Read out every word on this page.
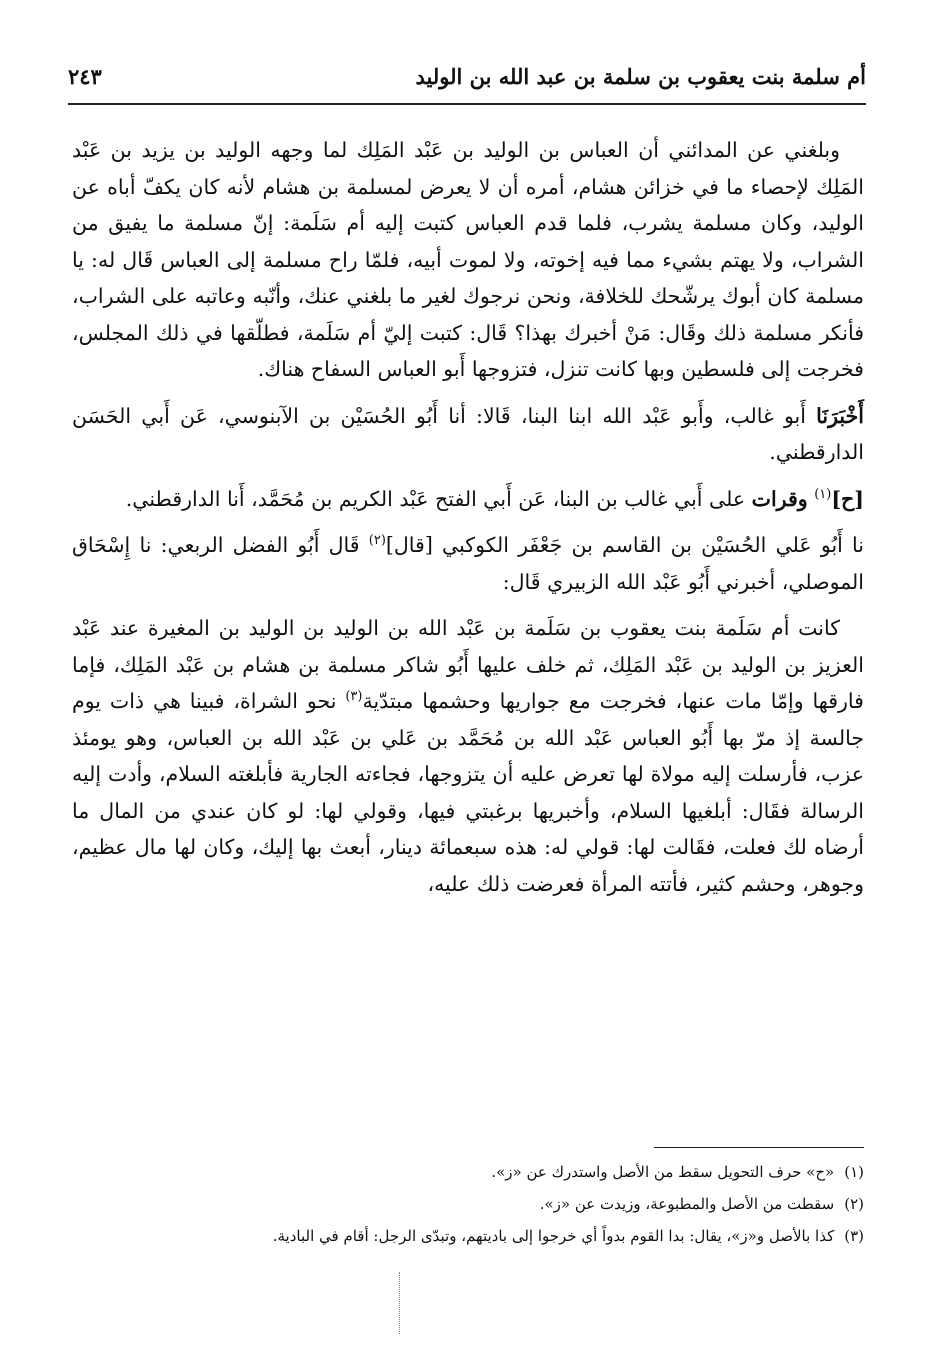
أم سلمة بنت يعقوب بن سلمة بن عبد الله بن الوليد
٢٤٣

وبلغني عن المدائني أن العباس بن الوليد بن عَبْد المَلِك لما وجهه الوليد بن يزيد بن عَبْد المَلِك لإحصاء ما في خزائن هشام، أمره أن لا يعرض لمسلمة بن هشام لأنه كان يكفّ أباه عن الوليد، وكان مسلمة يشرب، فلما قدم العباس كتبت إليه أم سَلَمة: إنّ مسلمة ما يفيق من الشراب، ولا يهتم بشيء مما فيه إخوته، ولا لموت أبيه، فلمّا راح مسلمة إلى العباس قَال له: يا مسلمة كان أبوك يرشّحك للخلافة، ونحن نرجوك لغير ما بلغني عنك، وأنّبه وعاتبه على الشراب، فأنكر مسلمة ذلك وقَال: مَنْ أخبرك بهذا؟ قَال: كتبت إليّ أم سَلَمة، فطلّقها في ذلك المجلس، فخرجت إلى فلسطين وبها كانت تنزل، فتزوجها أَبو العباس السفاح هناك.

أَخْبَرَنَا أَبو غالب، وأَبو عَبْد الله ابنا البنا، قَالا: أنا أَبُو الحُسَيْن بن الآبنوسي، عَن أَبي الحَسَن الدارقطني.

[ح]$^{(١)}$ وقرات على أَبي غالب بن البنا، عَن أَبي الفتح عَبْد الكريم بن مُحَمَّد، أَنا الدارقطني.

نا أَبُو عَلي الحُسَيْن بن القاسم بن جَعْفَر الكوكبي [قال]$^{(٢)}$ قَال أَبُو الفضل الربعي: نا إِسْحَاق الموصلي، أخبرني أَبُو عَبْد الله الزبيري قَال:

كانت أم سَلَمة بنت يعقوب بن سَلَمة بن عَبْد الله بن الوليد بن الوليد بن المغيرة عند عَبْد العزيز بن الوليد بن عَبْد المَلِك، ثم خلف عليها أَبُو شاكر مسلمة بن هشام بن عَبْد المَلِك، فإما فارقها وإمّا مات عنها، فخرجت مع جواريها وحشمها مبتدّية$^{(٣)}$ نحو الشراة، فبينا هي ذات يوم جالسة إذ مرّ بها أَبُو العباس عَبْد الله بن مُحَمَّد بن عَلي بن عَبْد الله بن العباس، وهو يومئذ عزب، فأرسلت إليه مولاة لها تعرض عليه أن يتزوجها، فجاءته الجارية فأبلغته السلام، وأدت إليه الرسالة فقَال: أبلغيها السلام، وأخبريها برغبتي فيها، وقولي لها: لو كان عندي من المال ما أرضاه لك فعلت، فقَالت لها: قولي له: هذه سبعمائة دينار، أبعث بها إليك، وكان لها مال عظيم، وجوهر، وحشم كثير، فأتته المرأة فعرضت ذلك عليه،

(١)«ح» حرف التحويل سقط من الأصل واستدرك عن «ز».
(٢)سقطت من الأصل والمطبوعة، وزيدت عن «ز».
(٣)كذا بالأصل و«ز»، يقال: بدا القوم بدواً أي خرجوا إلى باديتهم، وتبدّى الرجل: أقام في البادية.
